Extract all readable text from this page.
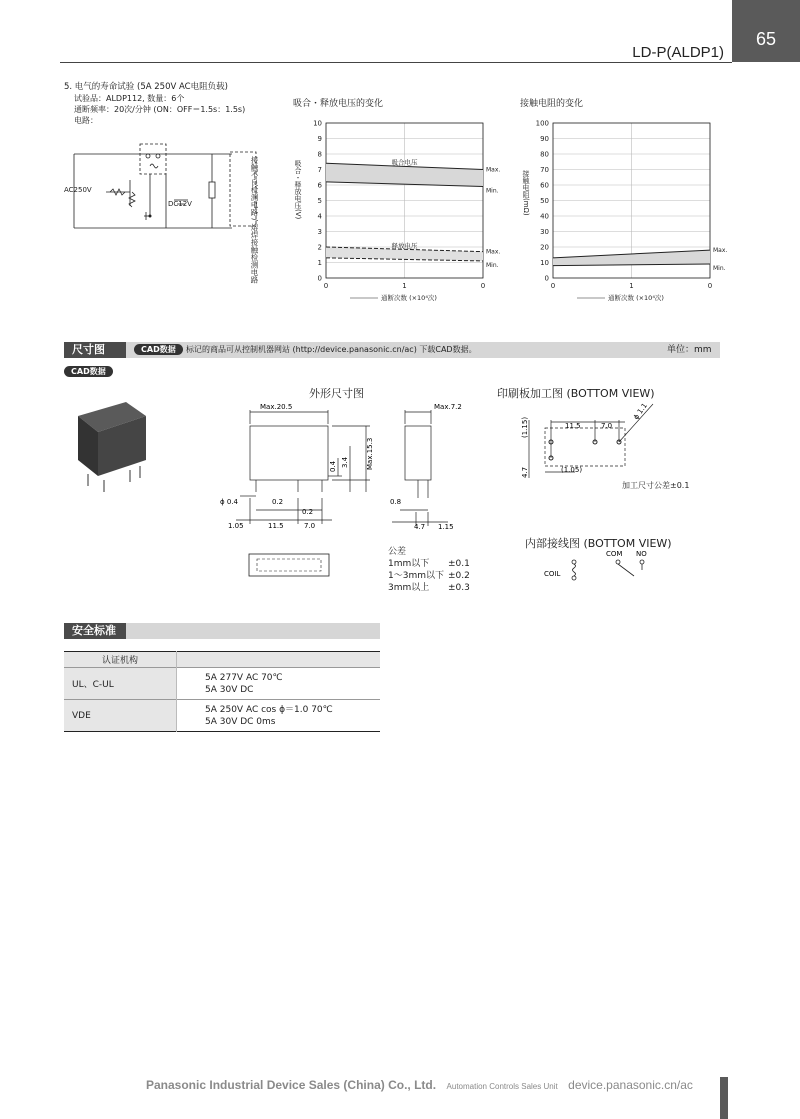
65
LD-P(ALDP1)
5. 电气的寿命试验 (5A 250V AC电阻负载)
试验品：ALDP112, 数量：6个
通断频率：20次/分钟 (ON：OFF＝1.5s：1.5s)
电路：
AC250V
DC12V	接触不良检测电路 / 熔焊接触检测电路
吸合・释放电压的变化
吸合・释放电压(V)
0
1
2
3
4
5
6
7
8
9
10
0	1	0
通断次数 (×10⁴次)
Max.
Min.
吸合电压
Max.
Min.
释放电压
接触电阻的变化
接触电阻(mΩ)
0
10
20
30
40
50
60
70
80
90
100
0	1	0
通断次数 (×10⁴次)
Max.
Min.
尺寸图	CAD数据	标记的商品可从控制机器网站 (http://device.panasonic.cn/ac) 下载CAD数据。	单位：mm
CAD数据
外形尺寸图
Max.20.5	Max.7.2
Max.15.3
0.4 3.4
ϕ 0.4	0.2
0.2
0.8
1.05	11.5	7.0	4.7 1.15
公差
1mm以下 ±0.1
1～3mm以下 ±0.2
3mm以上 ±0.3
印刷板加工图 (BOTTOM VIEW)
11.5	7.0
(1.15)
4.7	(1.05)
ϕ 1.1
加工尺寸公差±0.1
内部接线图 (BOTTOM VIEW)
COM NO
COIL
安全标准
认证机构	
UL、C-UL	5A 277V AC 70℃
5A 30V DC

VDE	5A 250V AC cos ϕ＝1.0 70℃
5A 30V DC 0ms
Panasonic Industrial Device Sales (China) Co., Ltd. Automation Controls Sales Unit device.panasonic.cn/ac
